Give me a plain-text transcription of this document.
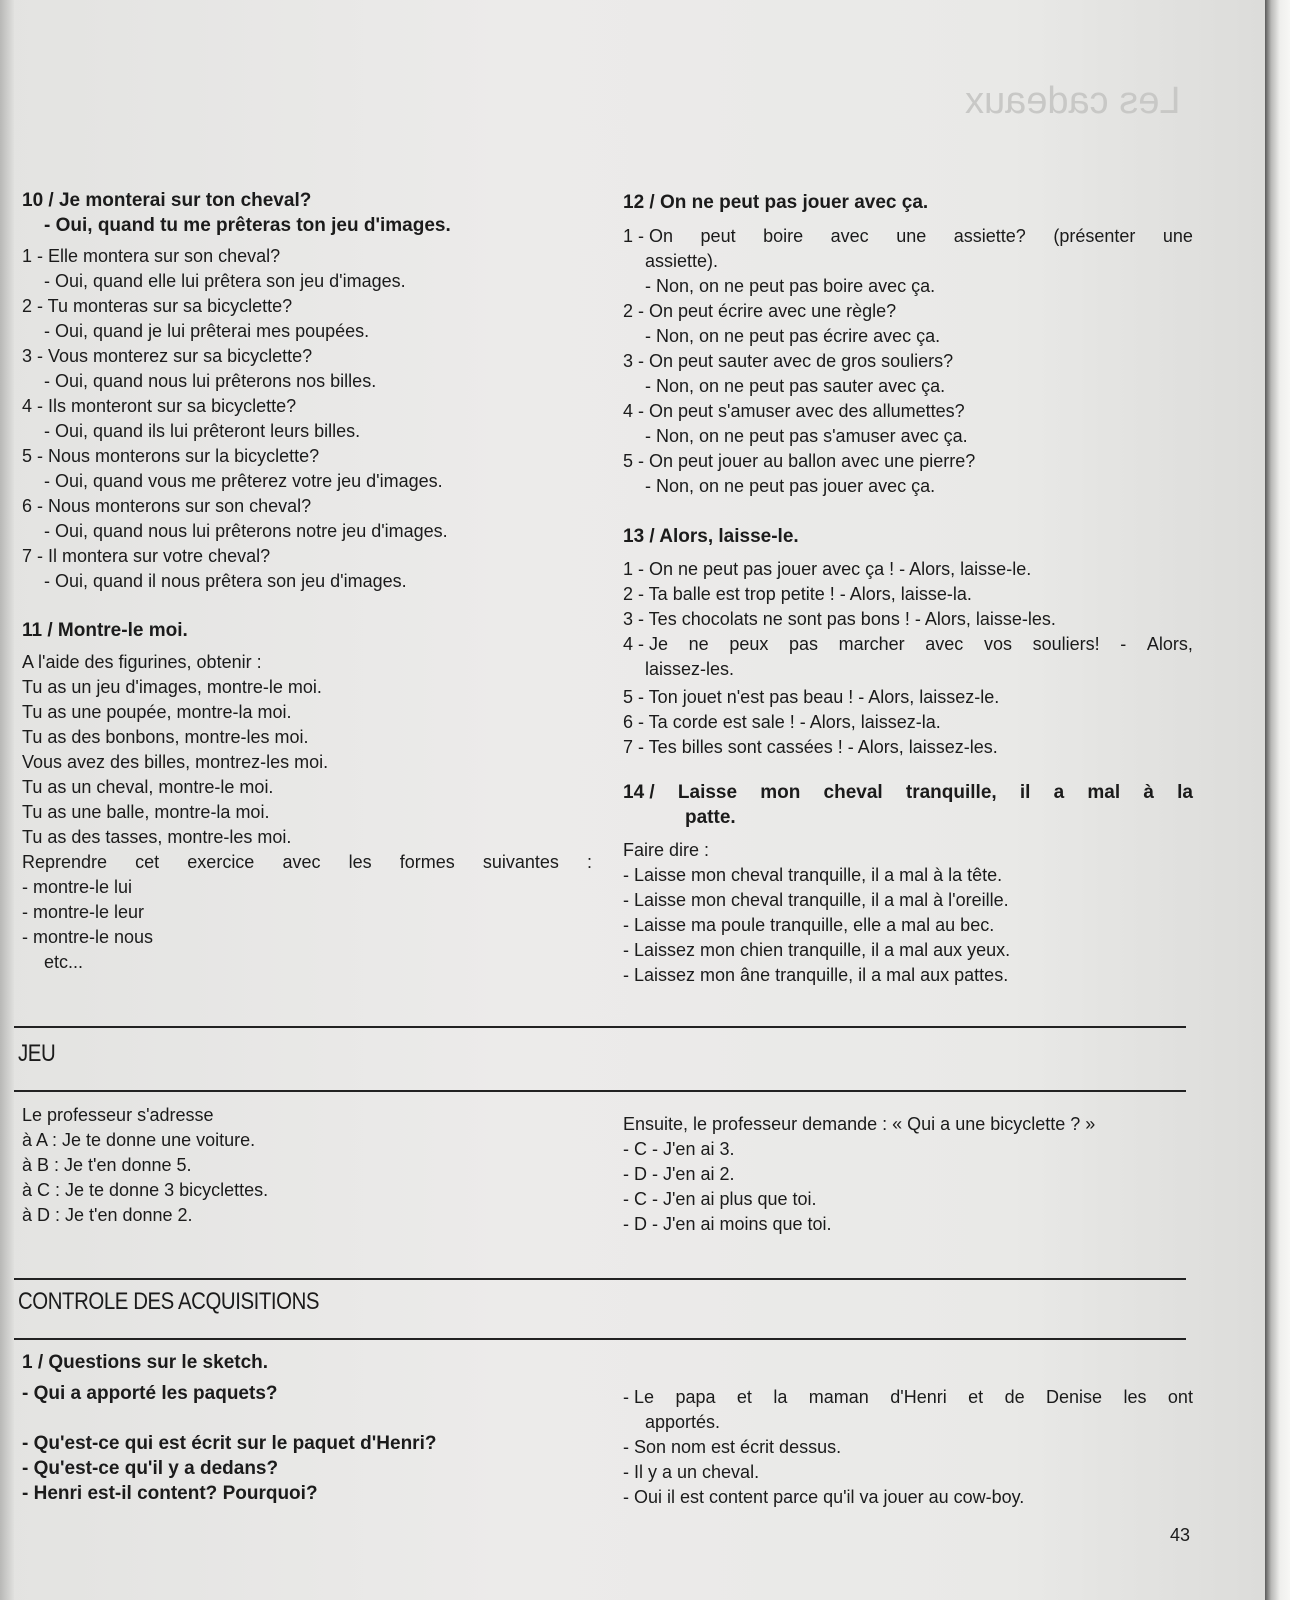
Les cadeaux
10 / Je monterai sur ton cheval?
- Oui, quand tu me prêteras ton jeu d'images.
1 - Elle montera sur son cheval?
- Oui, quand elle lui prêtera son jeu d'images.
2 - Tu monteras sur sa bicyclette?
- Oui, quand je lui prêterai mes poupées.
3 - Vous monterez sur sa bicyclette?
- Oui, quand nous lui prêterons nos billes.
4 - Ils monteront sur sa bicyclette?
- Oui, quand ils lui prêteront leurs billes.
5 - Nous monterons sur la bicyclette?
- Oui, quand vous me prêterez votre jeu d'images.
6 - Nous monterons sur son cheval?
- Oui, quand nous lui prêterons notre jeu d'images.
7 - Il montera sur votre cheval?
- Oui, quand il nous prêtera son jeu d'images.
11 / Montre-le moi.
A l'aide des figurines, obtenir :
Tu as un jeu d'images, montre-le moi.
Tu as une poupée, montre-la moi.
Tu as des bonbons, montre-les moi.
Vous avez des billes, montrez-les moi.
Tu as un cheval, montre-le moi.
Tu as une balle, montre-la moi.
Tu as des tasses, montre-les moi.
Reprendre cet exercice avec les formes suivantes :
- montre-le lui
- montre-le leur
- montre-le nous
etc...
12 / On ne peut pas jouer avec ça.
1 - On peut boire avec une assiette? (présenter une
assiette).
- Non, on ne peut pas boire avec ça.
2 - On peut écrire avec une règle?
- Non, on ne peut pas écrire avec ça.
3 - On peut sauter avec de gros souliers?
- Non, on ne peut pas sauter avec ça.
4 - On peut s'amuser avec des allumettes?
- Non, on ne peut pas s'amuser avec ça.
5 - On peut jouer au ballon avec une pierre?
- Non, on ne peut pas jouer avec ça.
13 / Alors, laisse-le.
1 - On ne peut pas jouer avec ça ! - Alors, laisse-le.
2 - Ta balle est trop petite ! - Alors, laisse-la.
3 - Tes chocolats ne sont pas bons ! - Alors, laisse-les.
4 - Je ne peux pas marcher avec vos souliers! - Alors,
laissez-les.
5 - Ton jouet n'est pas beau ! - Alors, laissez-le.
6 - Ta corde est sale ! - Alors, laissez-la.
7 - Tes billes sont cassées ! - Alors, laissez-les.
14 / Laisse mon cheval tranquille, il a mal à la
patte.
Faire dire :
- Laisse mon cheval tranquille, il a mal à la tête.
- Laisse mon cheval tranquille, il a mal à l'oreille.
- Laisse ma poule tranquille, elle a mal au bec.
- Laissez mon chien tranquille, il a mal aux yeux.
- Laissez mon âne tranquille, il a mal aux pattes.
JEU
Le professeur s'adresse
à A : Je te donne une voiture.
à B : Je t'en donne 5.
à C : Je te donne 3 bicyclettes.
à D : Je t'en donne 2.
Ensuite, le professeur demande : « Qui a une bicyclette ? »
- C - J'en ai 3.
- D - J'en ai 2.
- C - J'en ai plus que toi.
- D - J'en ai moins que toi.
CONTROLE DES ACQUISITIONS
1 / Questions sur le sketch.
- Qui a apporté les paquets?
- Qu'est-ce qui est écrit sur le paquet d'Henri?
- Qu'est-ce qu'il y a dedans?
- Henri est-il content? Pourquoi?
- Le papa et la maman d'Henri et de Denise les ont
apportés.
- Son nom est écrit dessus.
- Il y a un cheval.
- Oui il est content parce qu'il va jouer au cow-boy.
43
